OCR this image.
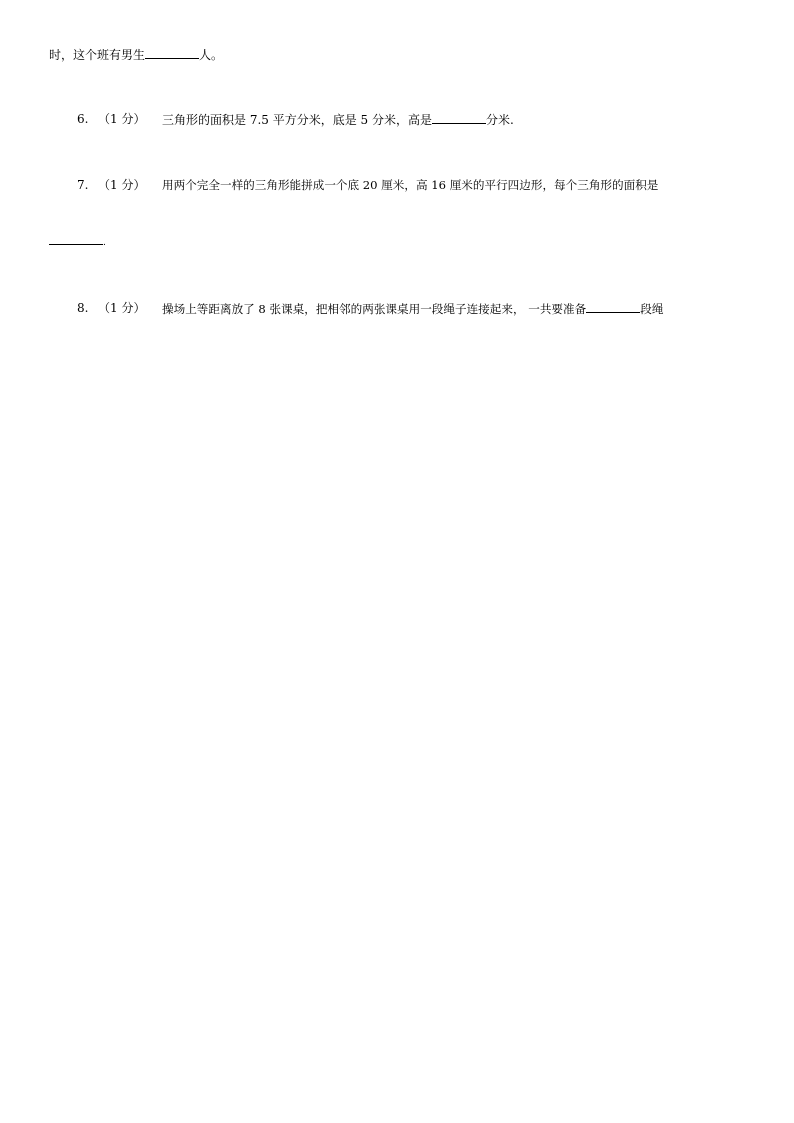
时，这个班有男生	人。
6. （1 分） 三角形的面积是 7.5 平方分米，底是 5 分米，高是	分米.
7. （1 分） 用两个完全一样的三角形能拼成一个底 20 厘米，高 16 厘米的平行四边形，每个三角形的面积是
.
8. （1 分） 操场上等距离放了 8 张课桌，把相邻的两张课桌用一段绳子连接起来， 一共要准备	段绳
